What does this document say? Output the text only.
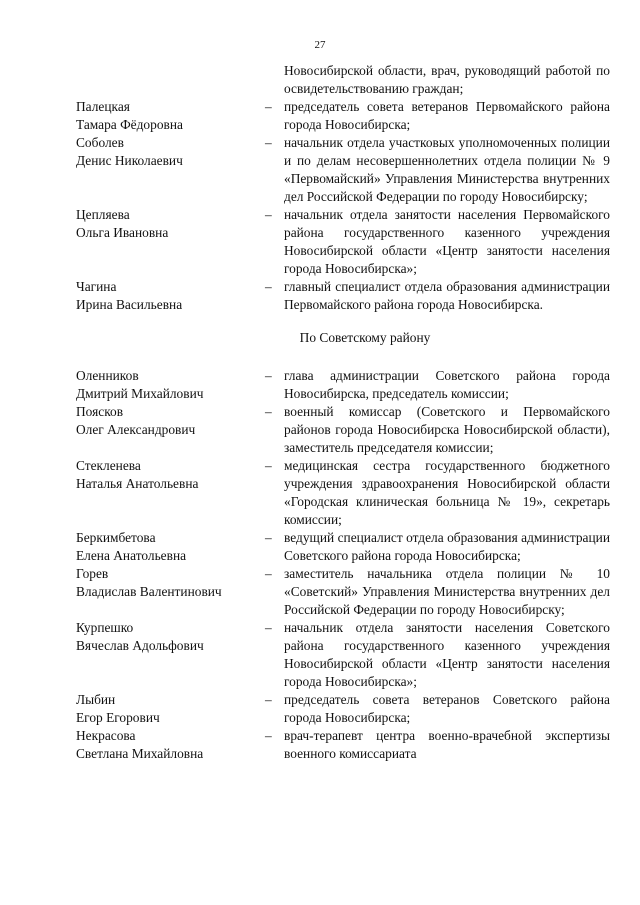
27
Новосибирской области, врач, руководящий работой по освидетельствованию граждан;
Палецкая
Тамара Фёдоровна
– председатель совета ветеранов Первомайского района города Новосибирска;
Соболев
Денис Николаевич
– начальник отдела участковых уполномоченных полиции и по делам несовершеннолетних отдела полиции № 9 «Первомайский» Управления Министерства внутренних дел Российской Федерации по городу Новосибирску;
Цепляева
Ольга Ивановна
– начальник отдела занятости населения Первомайского района государственного казенного учреждения Новосибирской области «Центр занятости населения города Новосибирска»;
Чагина
Ирина Васильевна
– главный специалист отдела образования администрации Первомайского района города Новосибирска.
По Советскому району
Оленников
Дмитрий Михайлович
– глава администрации Советского района города Новосибирска, председатель комиссии;
Поясков
Олег Александрович
– военный комиссар (Советского и Первомайского районов города Новосибирска Новосибирской области), заместитель председателя комиссии;
Стекленева
Наталья Анатольевна
– медицинская сестра государственного бюджетного учреждения здравоохранения Новосибирской области «Городская клиническая больница № 19», секретарь комиссии;
Беркимбетова
Елена Анатольевна
– ведущий специалист отдела образования администрации Советского района города Новосибирска;
Горев
Владислав Валентинович
– заместитель начальника отдела полиции № 10 «Советский» Управления Министерства внутренних дел Российской Федерации по городу Новосибирску;
Курпешко
Вячеслав Адольфович
– начальник отдела занятости населения Советского района государственного казенного учреждения Новосибирской области «Центр занятости населения города Новосибирска»;
Лыбин
Егор Егорович
– председатель совета ветеранов Советского района города Новосибирска;
Некрасова
Светлана Михайловна
– врач-терапевт центра военно-врачебной экспертизы военного комиссариата
